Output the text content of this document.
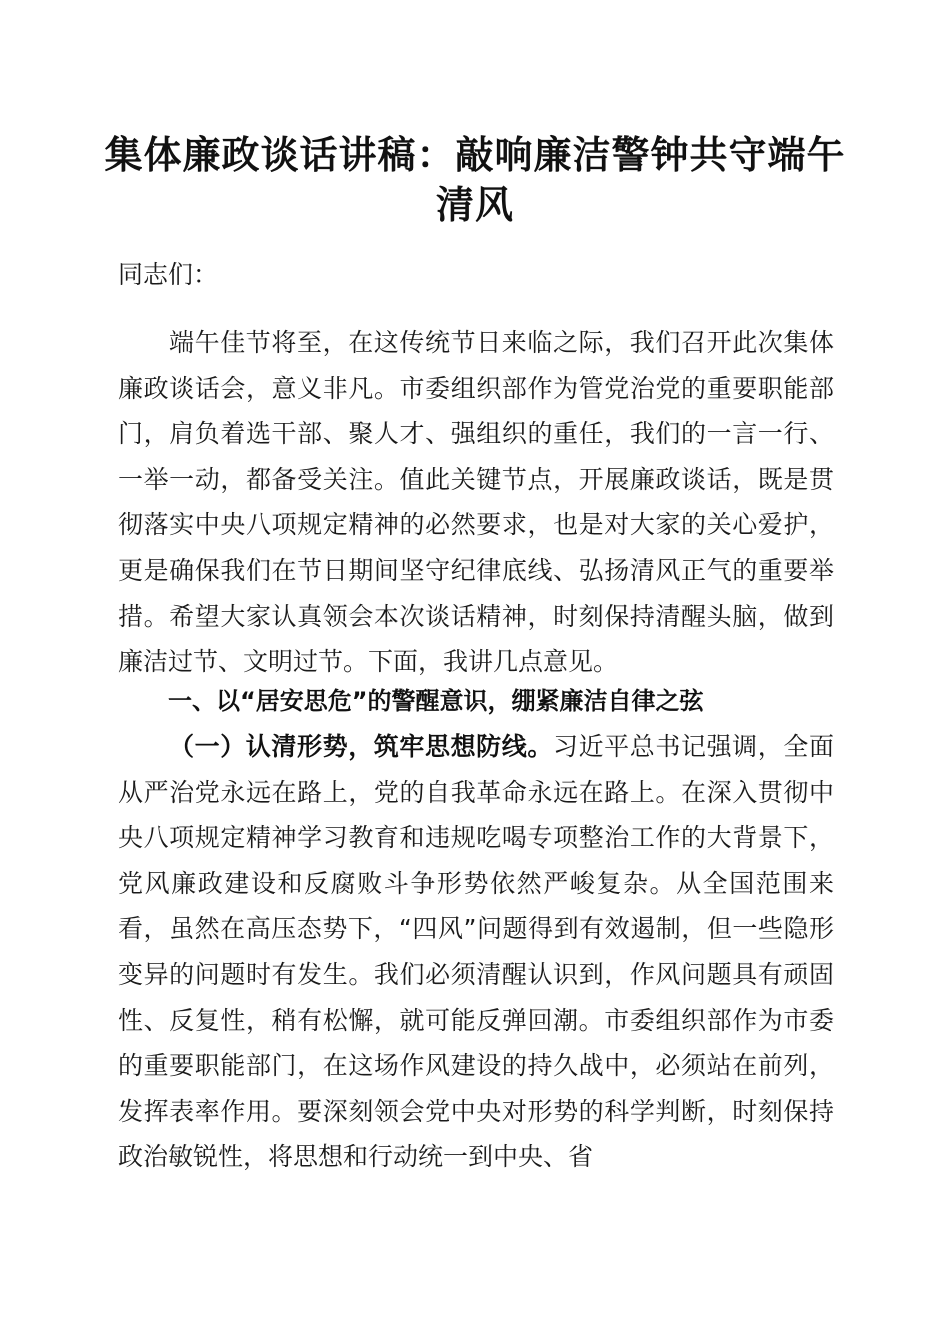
集体廉政谈话讲稿：敲响廉洁警钟共守端午清风

同志们：

端午佳节将至，在这传统节日来临之际，我们召开此次集体廉政谈话会，意义非凡。市委组织部作为管党治党的重要职能部门，肩负着选干部、聚人才、强组织的重任，我们的一言一行、一举一动，都备受关注。值此关键节点，开展廉政谈话，既是贯彻落实中央八项规定精神的必然要求，也是对大家的关心爱护，更是确保我们在节日期间坚守纪律底线、弘扬清风正气的重要举措。希望大家认真领会本次谈话精神，时刻保持清醒头脑，做到廉洁过节、文明过节。下面，我讲几点意见。

一、以“居安思危”的警醒意识，绷紧廉洁自律之弦

（一）认清形势，筑牢思想防线。习近平总书记强调，全面从严治党永远在路上，党的自我革命永远在路上。在深入贯彻中央八项规定精神学习教育和违规吃喝专项整治工作的大背景下，党风廉政建设和反腐败斗争形势依然严峻复杂。从全国范围来看，虽然在高压态势下，“四风”问题得到有效遏制，但一些隐形变异的问题时有发生。我们必须清醒认识到，作风问题具有顽固性、反复性，稍有松懈，就可能反弹回潮。市委组织部作为市委的重要职能部门，在这场作风建设的持久战中，必须站在前列，发挥表率作用。要深刻领会党中央对形势的科学判断，时刻保持政治敏锐性，将思想和行动统一到中央、省
